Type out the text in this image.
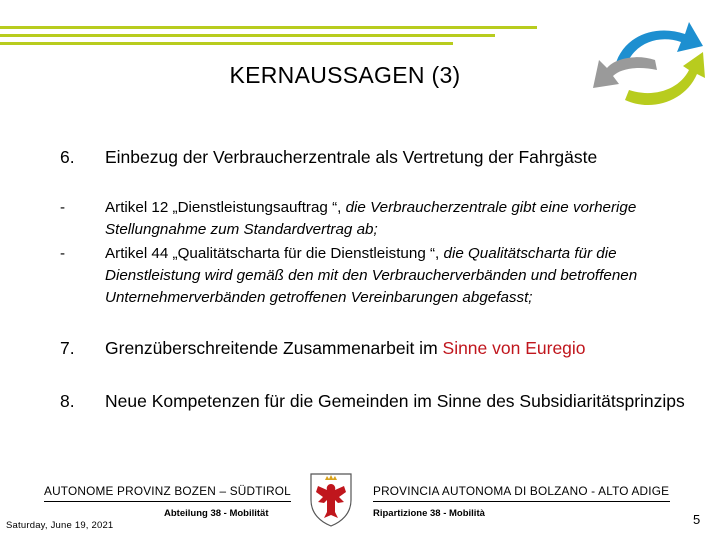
KERNAUSSAGEN (3)
6.	Einbezug der Verbraucherzentrale als Vertretung der Fahrgäste
-	Artikel 12 „Dienstleistungsauftrag “, die Verbraucherzentrale gibt eine vorherige Stellungnahme zum Standardvertrag ab;
-	Artikel 44 „Qualitätscharta für die Dienstleistung “, die Qualitätscharta für die Dienstleistung wird gemäß den mit den Verbraucherverbänden und betroffenen Unternehmerverbänden getroffenen Vereinbarungen abgefasst;
7.	Grenzüberschreitende Zusammenarbeit im Sinne von Euregio
8.	Neue Kompetenzen für die Gemeinden im Sinne des Subsidiaritätsprinzips
AUTONOME PROVINZ BOZEN – SÜDTIROL
Abteilung 38 - Mobilität
PROVINCIA AUTONOMA DI BOLZANO - ALTO ADIGE
Ripartizione 38 - Mobilità
Saturday, June 19, 2021	5
